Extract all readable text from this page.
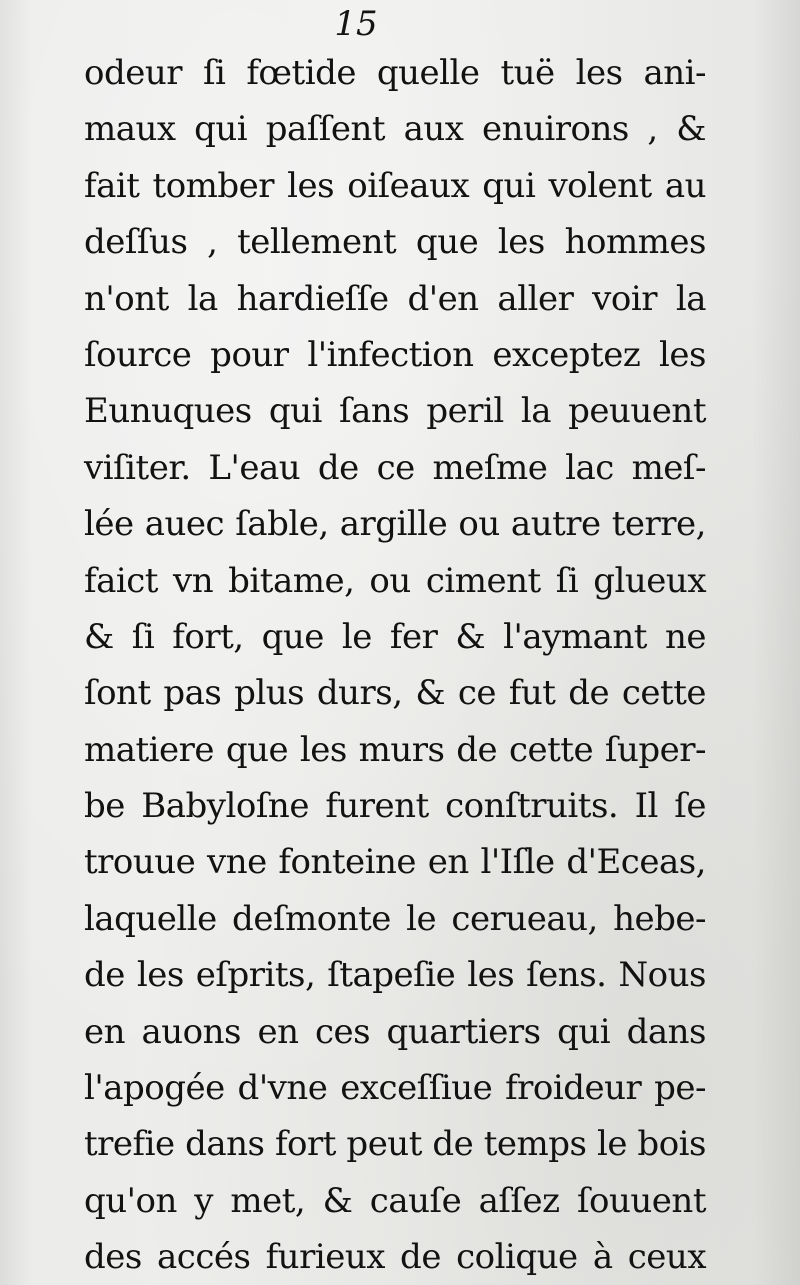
15
odeur ſi fœtide quelle tuë les ani-
maux qui paſſent aux enuirons , &
fait tomber les oiſeaux qui volent au
deſſus , tellement que les hommes
n'ont la hardieſſe d'en aller voir la
ſource pour l'infection exceptez les
Eunuques qui ſans peril la peuuent
viſiter. L'eau de ce meſme lac meſ-
lée auec ſable, argille ou autre terre,
faict vn bitame, ou ciment ſi glueux
& ſi fort, que le fer & l'aymant ne
ſont pas plus durs, & ce fut de cette
matiere que les murs de cette ſuper-
be Babyloſne furent conſtruits. Il ſe
trouue vne fonteine en l'Iſle d'Eceas,
laquelle deſmonte le cerueau, hebe-
de les eſprits, ſtapeſie les ſens. Nous
en auons en ces quartiers qui dans
l'apogée d'vne exceſſiue froideur pe-
trefie dans fort peut de temps le bois
qu'on y met, & cauſe aſſez ſouuent
des accés furieux de colique à ceux
